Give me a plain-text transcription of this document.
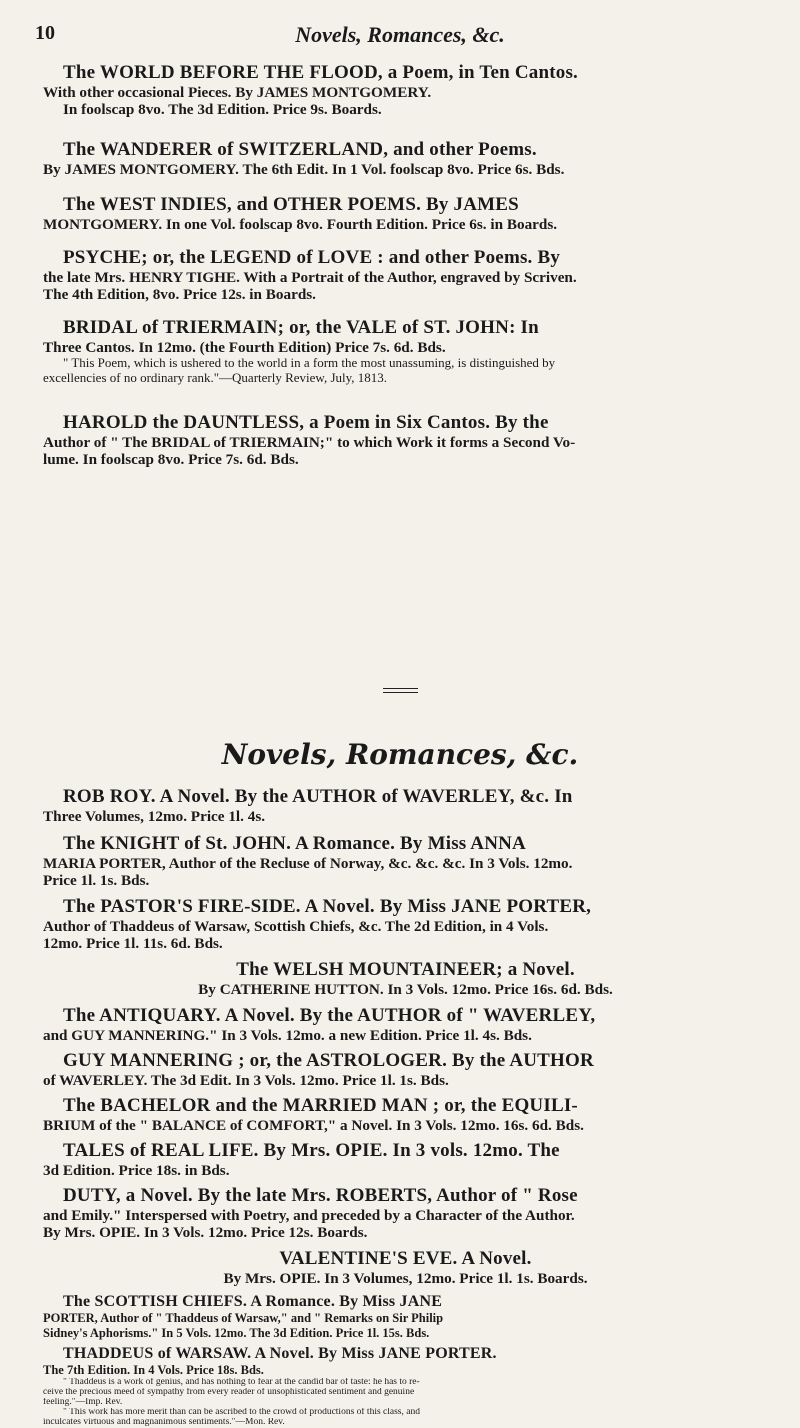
10	Novels, Romances, &c.
The WORLD BEFORE THE FLOOD, a Poem, in Ten Cantos.
With other occasional Pieces. By JAMES MONTGOMERY.
In foolscap 8vo. The 3d Edition. Price 9s. Boards.
The WANDERER of SWITZERLAND, and other Poems.
By JAMES MONTGOMERY. The 6th Edit. In 1 Vol. foolscap 8vo. Price 6s. Bds.
The WEST INDIES, and OTHER POEMS. By JAMES
MONTGOMERY. In one Vol. foolscap 8vo. Fourth Edition. Price 6s. in Boards.
PSYCHE; or, the LEGEND of LOVE : and other Poems. By
the late Mrs. HENRY TIGHE. With a Portrait of the Author, engraved by Scriven.
The 4th Edition, 8vo. Price 12s. in Boards.
BRIDAL of TRIERMAIN; or, the VALE of ST. JOHN: In
Three Cantos. In 12mo. (the Fourth Edition) Price 7s. 6d. Bds.
" This Poem, which is ushered to the world in a form the most unassuming, is distinguished by
excellencies of no ordinary rank."—Quarterly Review, July, 1813.
HAROLD the DAUNTLESS, a Poem in Six Cantos. By the
Author of " The BRIDAL of TRIERMAIN;" to which Work it forms a Second Vo-
lume. In foolscap 8vo. Price 7s. 6d. Bds.
Novels, Romances, &c.
ROB ROY. A Novel. By the AUTHOR of WAVERLEY, &c. In
Three Volumes, 12mo. Price 1l. 4s.
The KNIGHT of St. JOHN. A Romance. By Miss ANNA
MARIA PORTER, Author of the Recluse of Norway, &c. &c. &c. In 3 Vols. 12mo.
Price 1l. 1s. Bds.
The PASTOR'S FIRE-SIDE. A Novel. By Miss JANE PORTER,
Author of Thaddeus of Warsaw, Scottish Chiefs, &c. The 2d Edition, in 4 Vols.
12mo. Price 1l. 11s. 6d. Bds.
The WELSH MOUNTAINEER; a Novel.
By CATHERINE HUTTON. In 3 Vols. 12mo. Price 16s. 6d. Bds.
The ANTIQUARY. A Novel. By the AUTHOR of " WAVERLEY,
and GUY MANNERING." In 3 Vols. 12mo. a new Edition. Price 1l. 4s. Bds.
GUY MANNERING ; or, the ASTROLOGER. By the AUTHOR
of WAVERLEY. The 3d Edit. In 3 Vols. 12mo. Price 1l. 1s. Bds.
The BACHELOR and the MARRIED MAN ; or, the EQUILI-
BRIUM of the " BALANCE of COMFORT," a Novel. In 3 Vols. 12mo. 16s. 6d. Bds.
TALES of REAL LIFE. By Mrs. OPIE. In 3 vols. 12mo. The
3d Edition. Price 18s. in Bds.
DUTY, a Novel. By the late Mrs. ROBERTS, Author of " Rose
and Emily." Interspersed with Poetry, and preceded by a Character of the Author.
By Mrs. OPIE. In 3 Vols. 12mo. Price 12s. Boards.
VALENTINE'S EVE. A Novel.
By Mrs. OPIE. In 3 Volumes, 12mo. Price 1l. 1s. Boards.
The SCOTTISH CHIEFS. A Romance. By Miss JANE
PORTER, Author of " Thaddeus of Warsaw," and " Remarks on Sir Philip
Sidney's Aphorisms." In 5 Vols. 12mo. The 3d Edition. Price 1l. 15s. Bds.
THADDEUS of WARSAW. A Novel. By Miss JANE PORTER.
The 7th Edition. In 4 Vols. Price 18s. Bds.
" Thaddeus is a work of genius, and has nothing to fear at the candid bar of taste: he has to re-
ceive the precious meed of sympathy from every reader of unsophisticated sentiment and genuine
feeling."—Imp. Rev.
" This work has more merit than can be ascribed to the crowd of productions of this class, and
inculcates virtuous and magnanimous sentiments."—Mon. Rev.
